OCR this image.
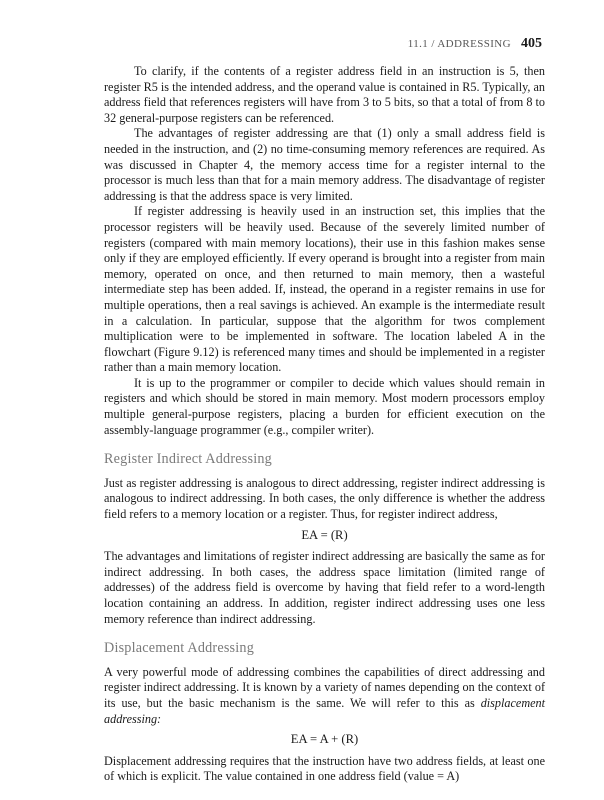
11.1 / ADDRESSING 405

To clarify, if the contents of a register address field in an instruction is 5, then register R5 is the intended address, and the operand value is contained in R5. Typically, an address field that references registers will have from 3 to 5 bits, so that a total of from 8 to 32 general-purpose registers can be referenced.

The advantages of register addressing are that (1) only a small address field is needed in the instruction, and (2) no time-consuming memory references are required. As was discussed in Chapter 4, the memory access time for a register internal to the processor is much less than that for a main memory address. The disadvantage of register addressing is that the address space is very limited.

If register addressing is heavily used in an instruction set, this implies that the processor registers will be heavily used. Because of the severely limited number of registers (compared with main memory locations), their use in this fashion makes sense only if they are employed efficiently. If every operand is brought into a register from main memory, operated on once, and then returned to main memory, then a wasteful intermediate step has been added. If, instead, the operand in a register remains in use for multiple operations, then a real savings is achieved. An example is the intermediate result in a calculation. In particular, suppose that the algorithm for twos complement multiplication were to be implemented in software. The location labeled A in the flowchart (Figure 9.12) is referenced many times and should be implemented in a register rather than a main memory location.

It is up to the programmer or compiler to decide which values should remain in registers and which should be stored in main memory. Most modern processors employ multiple general-purpose registers, placing a burden for efficient execution on the assembly-language programmer (e.g., compiler writer).

Register Indirect Addressing

Just as register addressing is analogous to direct addressing, register indirect addressing is analogous to indirect addressing. In both cases, the only difference is whether the address field refers to a memory location or a register. Thus, for register indirect address,

EA = (R)

The advantages and limitations of register indirect addressing are basically the same as for indirect addressing. In both cases, the address space limitation (limited range of addresses) of the address field is overcome by having that field refer to a word-length location containing an address. In addition, register indirect addressing uses one less memory reference than indirect addressing.

Displacement Addressing

A very powerful mode of addressing combines the capabilities of direct addressing and register indirect addressing. It is known by a variety of names depending on the context of its use, but the basic mechanism is the same. We will refer to this as displacement addressing:

EA = A + (R)

Displacement addressing requires that the instruction have two address fields, at least one of which is explicit. The value contained in one address field (value = A)
